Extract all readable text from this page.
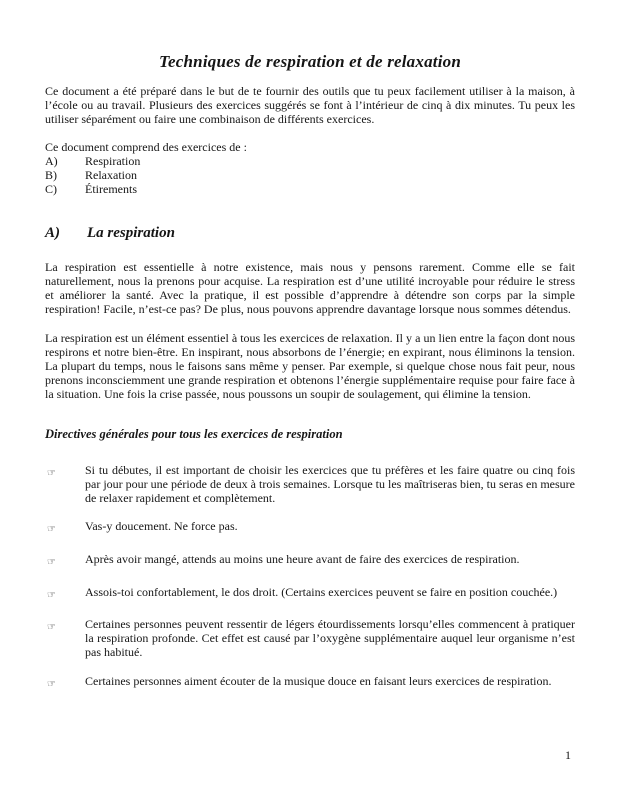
Techniques de respiration et de relaxation

Ce document a été préparé dans le but de te fournir des outils que tu peux facilement utiliser à la maison, à l’école ou au travail. Plusieurs des exercices suggérés se font à l’intérieur de cinq à dix minutes. Tu peux les utiliser séparément ou faire une combinaison de différents exercices.

Ce document comprend des exercices de :

A)	Respiration
B)	Relaxation
C)	Étirements
A)	La respiration

La respiration est essentielle à notre existence, mais nous y pensons rarement. Comme elle se fait naturellement, nous la prenons pour acquise. La respiration est d’une utilité incroyable pour réduire le stress et améliorer la santé. Avec la pratique, il est possible d’apprendre à détendre son corps par la simple respiration! Facile, n’est-ce pas? De plus, nous pouvons apprendre davantage lorsque nous sommes détendus.

La respiration est un élément essentiel à tous les exercices de relaxation. Il y a un lien entre la façon dont nous respirons et notre bien-être. En inspirant, nous absorbons de l’énergie; en expirant, nous éliminons la tension. La plupart du temps, nous le faisons sans même y penser. Par exemple, si quelque chose nous fait peur, nous prenons inconsciemment une grande respiration et obtenons l’énergie supplémentaire requise pour faire face à la situation. Une fois la crise passée, nous poussons un soupir de soulagement, qui élimine la tension.

Directives générales pour tous les exercices de respiration
☞	Si tu débutes, il est important de choisir les exercices que tu préfères et les faire quatre ou cinq fois par jour pour une période de deux à trois semaines. Lorsque tu les maîtriseras bien, tu seras en mesure de relaxer rapidement et complètement.

☞	Vas-y doucement. Ne force pas.

☞	Après avoir mangé, attends au moins une heure avant de faire des exercices de respiration.

☞	Assois-toi confortablement, le dos droit. (Certains exercices peuvent se faire en position couchée.)

☞	Certaines personnes peuvent ressentir de légers étourdissements lorsqu’elles commencent à pratiquer la respiration profonde. Cet effet est causé par l’oxygène supplémentaire auquel leur organisme n’est pas habitué.

☞	Certaines personnes aiment écouter de la musique douce en faisant leurs exercices de respiration.

1
